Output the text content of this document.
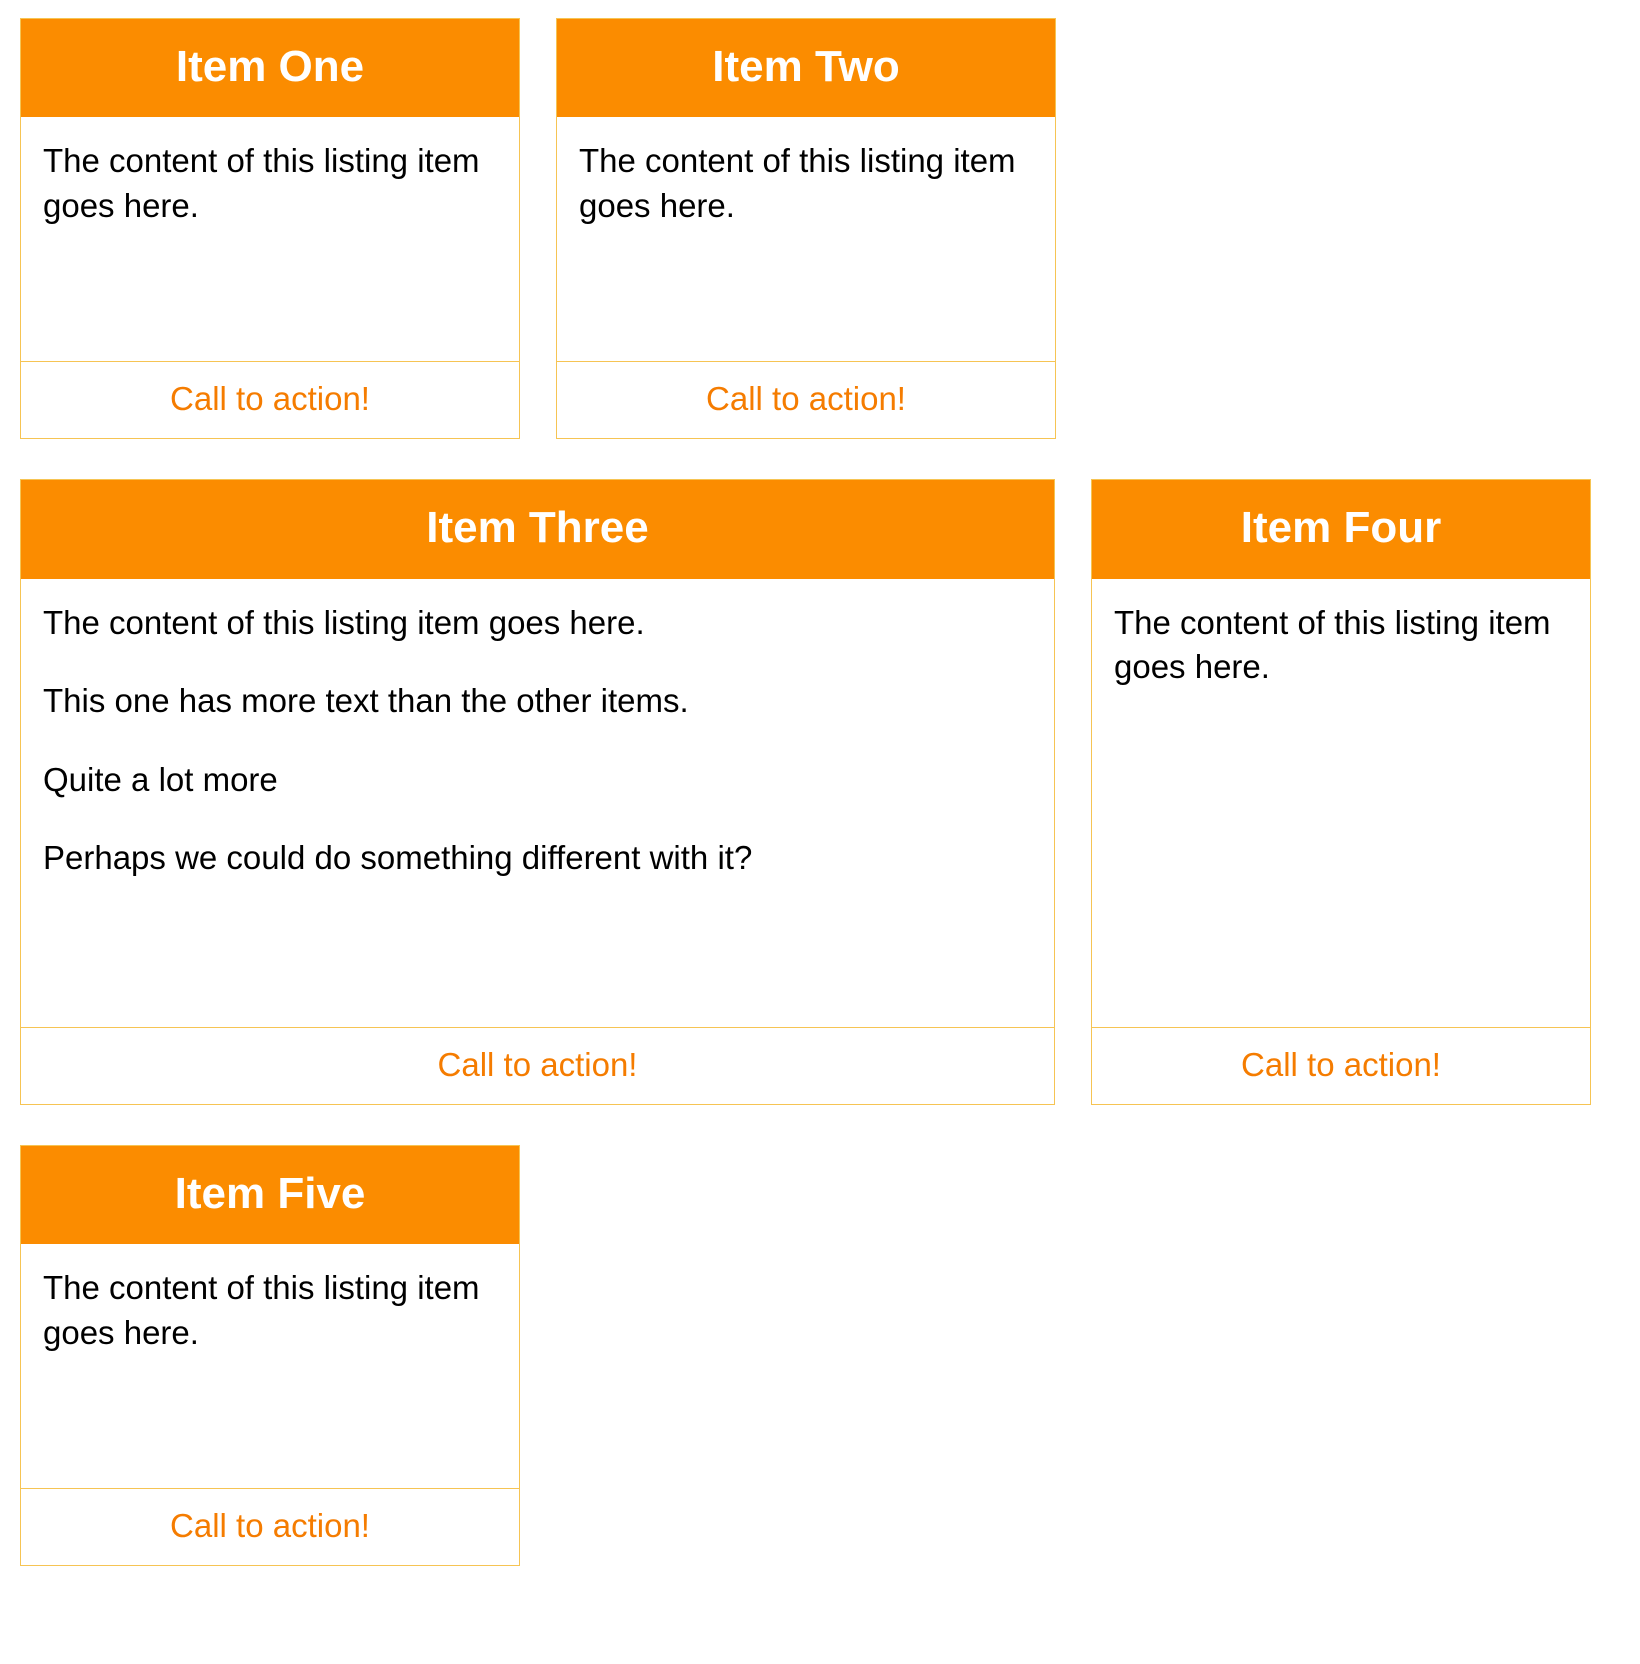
Item One

The content of this listing item goes here.

Call to action!
Item Two

The content of this listing item goes here.

Call to action!
Item Three

The content of this listing item goes here.

This one has more text than the other items.

Quite a lot more

Perhaps we could do something different with it?

Call to action!
Item Four

The content of this listing item goes here.

Call to action!
Item Five

The content of this listing item goes here.

Call to action!
